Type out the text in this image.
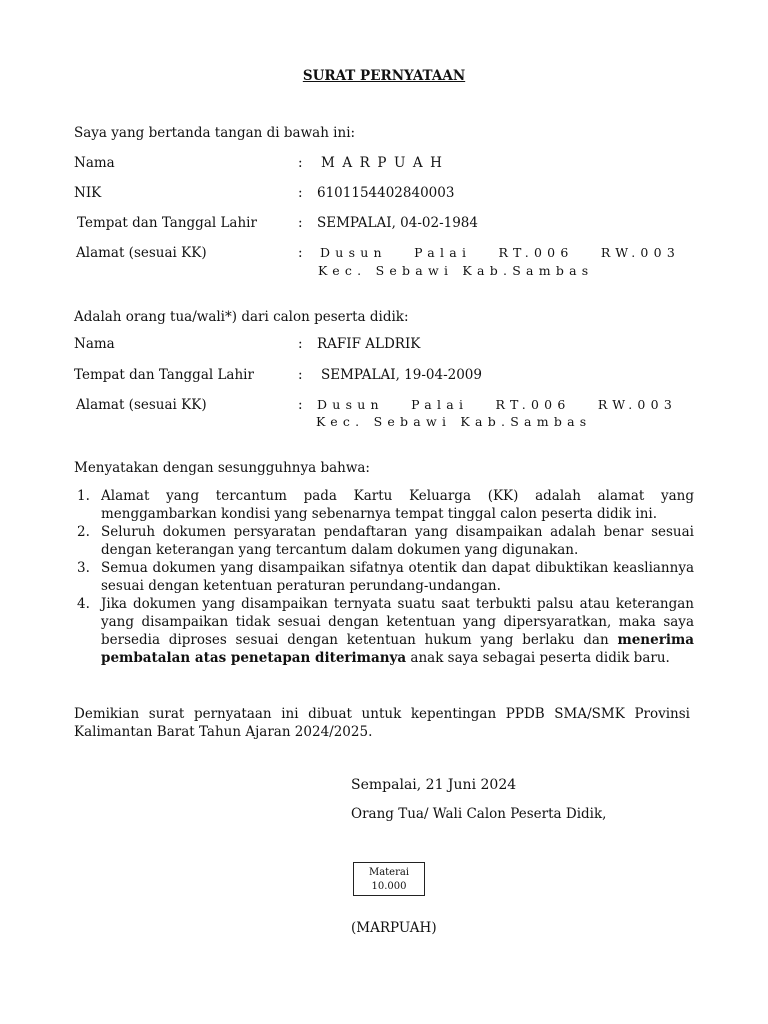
SURAT PERNYATAAN
Saya yang bertanda tangan di bawah ini:
Nama	: M A R P U A H
NIK	: 6101154402840003
Tempat dan Tanggal Lahir	: SEMPALAI, 04-02-1984
Alamat (sesuai KK)	: Dusun Palai RT.006 RW.003
Kec. Sebawi Kab.Sambas
Adalah orang tua/wali*) dari calon peserta didik:
Nama	: RAFIF ALDRIK
Tempat dan Tanggal Lahir	: SEMPALAI, 19-04-2009
Alamat (sesuai KK)	: Dusun Palai RT.006 RW.003
Kec. Sebawi Kab.Sambas
Menyatakan dengan sesungguhnya bahwa:
1. Alamat yang tercantum pada Kartu Keluarga (KK) adalah alamat yang menggambarkan kondisi yang sebenarnya tempat tinggal calon peserta didik ini.
2. Seluruh dokumen persyaratan pendaftaran yang disampaikan adalah benar sesuai dengan keterangan yang tercantum dalam dokumen yang digunakan.
3. Semua dokumen yang disampaikan sifatnya otentik dan dapat dibuktikan keasliannya sesuai dengan ketentuan peraturan perundang-undangan.
4. Jika dokumen yang disampaikan ternyata suatu saat terbukti palsu atau keterangan yang disampaikan tidak sesuai dengan ketentuan yang dipersyaratkan, maka saya bersedia diproses sesuai dengan ketentuan hukum yang berlaku dan menerima pembatalan atas penetapan diterimanya anak saya sebagai peserta didik baru.
Demikian surat pernyataan ini dibuat untuk kepentingan PPDB SMA/SMK Provinsi Kalimantan Barat Tahun Ajaran 2024/2025.
Sempalai, 21 Juni 2024
Orang Tua/ Wali Calon Peserta Didik,
Materai
10.000
(MARPUAH)
